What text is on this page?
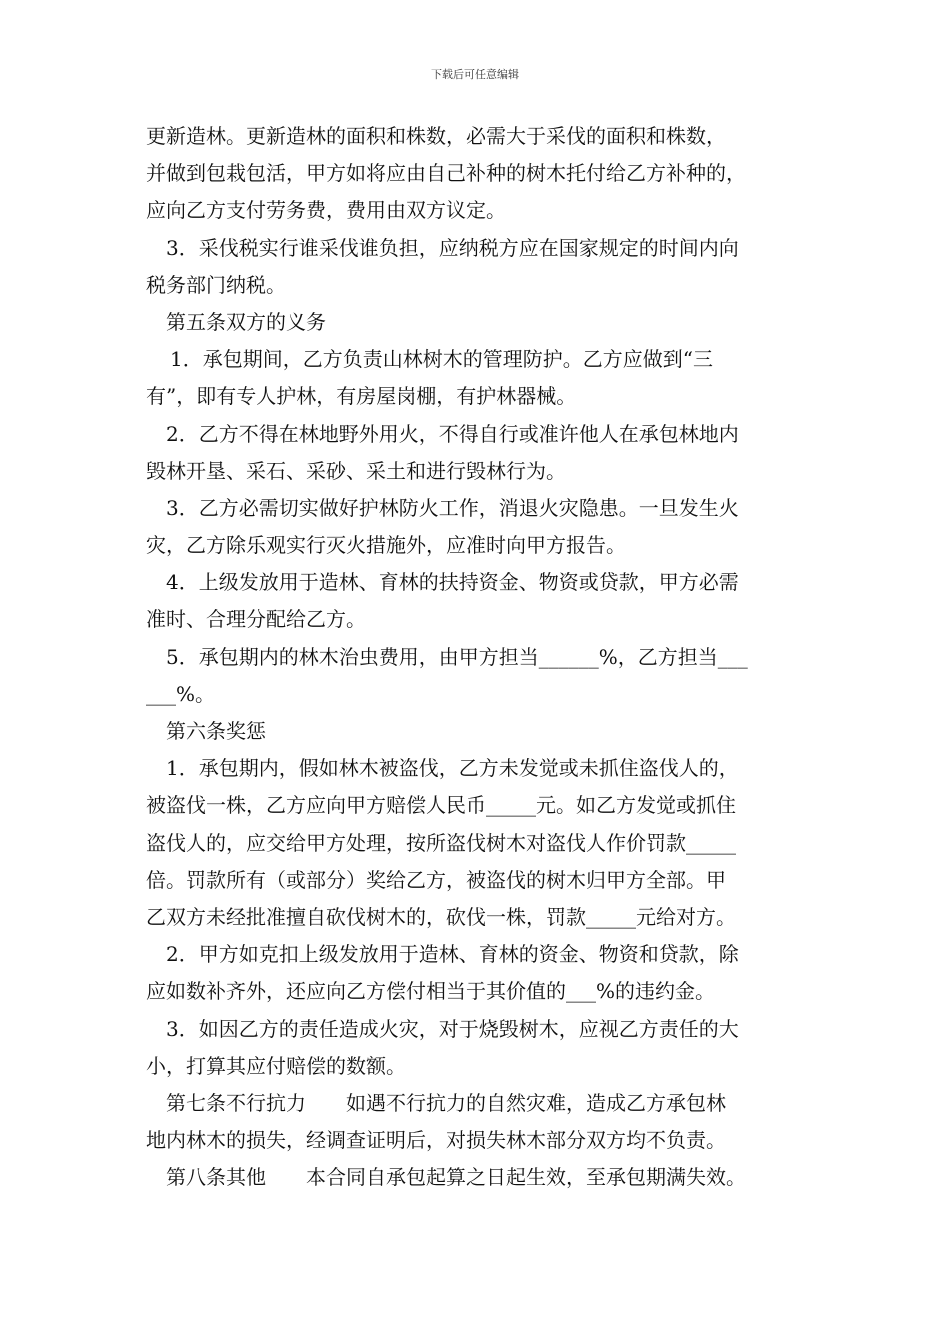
下载后可任意编辑
更新造林。更新造林的面积和株数，必需大于采伐的面积和株数，
并做到包栽包活，甲方如将应由自己补种的树木托付给乙方补种的，
应向乙方支付劳务费，费用由双方议定。
3．采伐税实行谁采伐谁负担，应纳税方应在国家规定的时间内向
税务部门纳税。
第五条双方的义务
1．承包期间，乙方负责山林树木的管理防护。乙方应做到“三
有”，即有专人护林，有房屋岗棚，有护林器械。
2．乙方不得在林地野外用火，不得自行或准许他人在承包林地内
毁林开垦、采石、采砂、采土和进行毁林行为。
3．乙方必需切实做好护林防火工作，消退火灾隐患。一旦发生火
灾，乙方除乐观实行灭火措施外，应准时向甲方报告。
4．上级发放用于造林、育林的扶持资金、物资或贷款，甲方必需
准时、合理分配给乙方。
5．承包期内的林木治虫费用，由甲方担当______%，乙方担当___
___%。
第六条奖惩
1．承包期内，假如林木被盗伐，乙方未发觉或未抓住盗伐人的，
被盗伐一株，乙方应向甲方赔偿人民币_____元。如乙方发觉或抓住
盗伐人的，应交给甲方处理，按所盗伐树木对盗伐人作价罚款_____
倍。罚款所有（或部分）奖给乙方，被盗伐的树木归甲方全部。甲
乙双方未经批准擅自砍伐树木的，砍伐一株，罚款_____元给对方。
2．甲方如克扣上级发放用于造林、育林的资金、物资和贷款，除
应如数补齐外，还应向乙方偿付相当于其价值的___%的违约金。
3．如因乙方的责任造成火灾，对于烧毁树木，应视乙方责任的大
小，打算其应付赔偿的数额。
第七条不行抗力　　如遇不行抗力的自然灾难，造成乙方承包林
地内林木的损失，经调查证明后，对损失林木部分双方均不负责。
第八条其他　　本合同自承包起算之日起生效，至承包期满失效。
